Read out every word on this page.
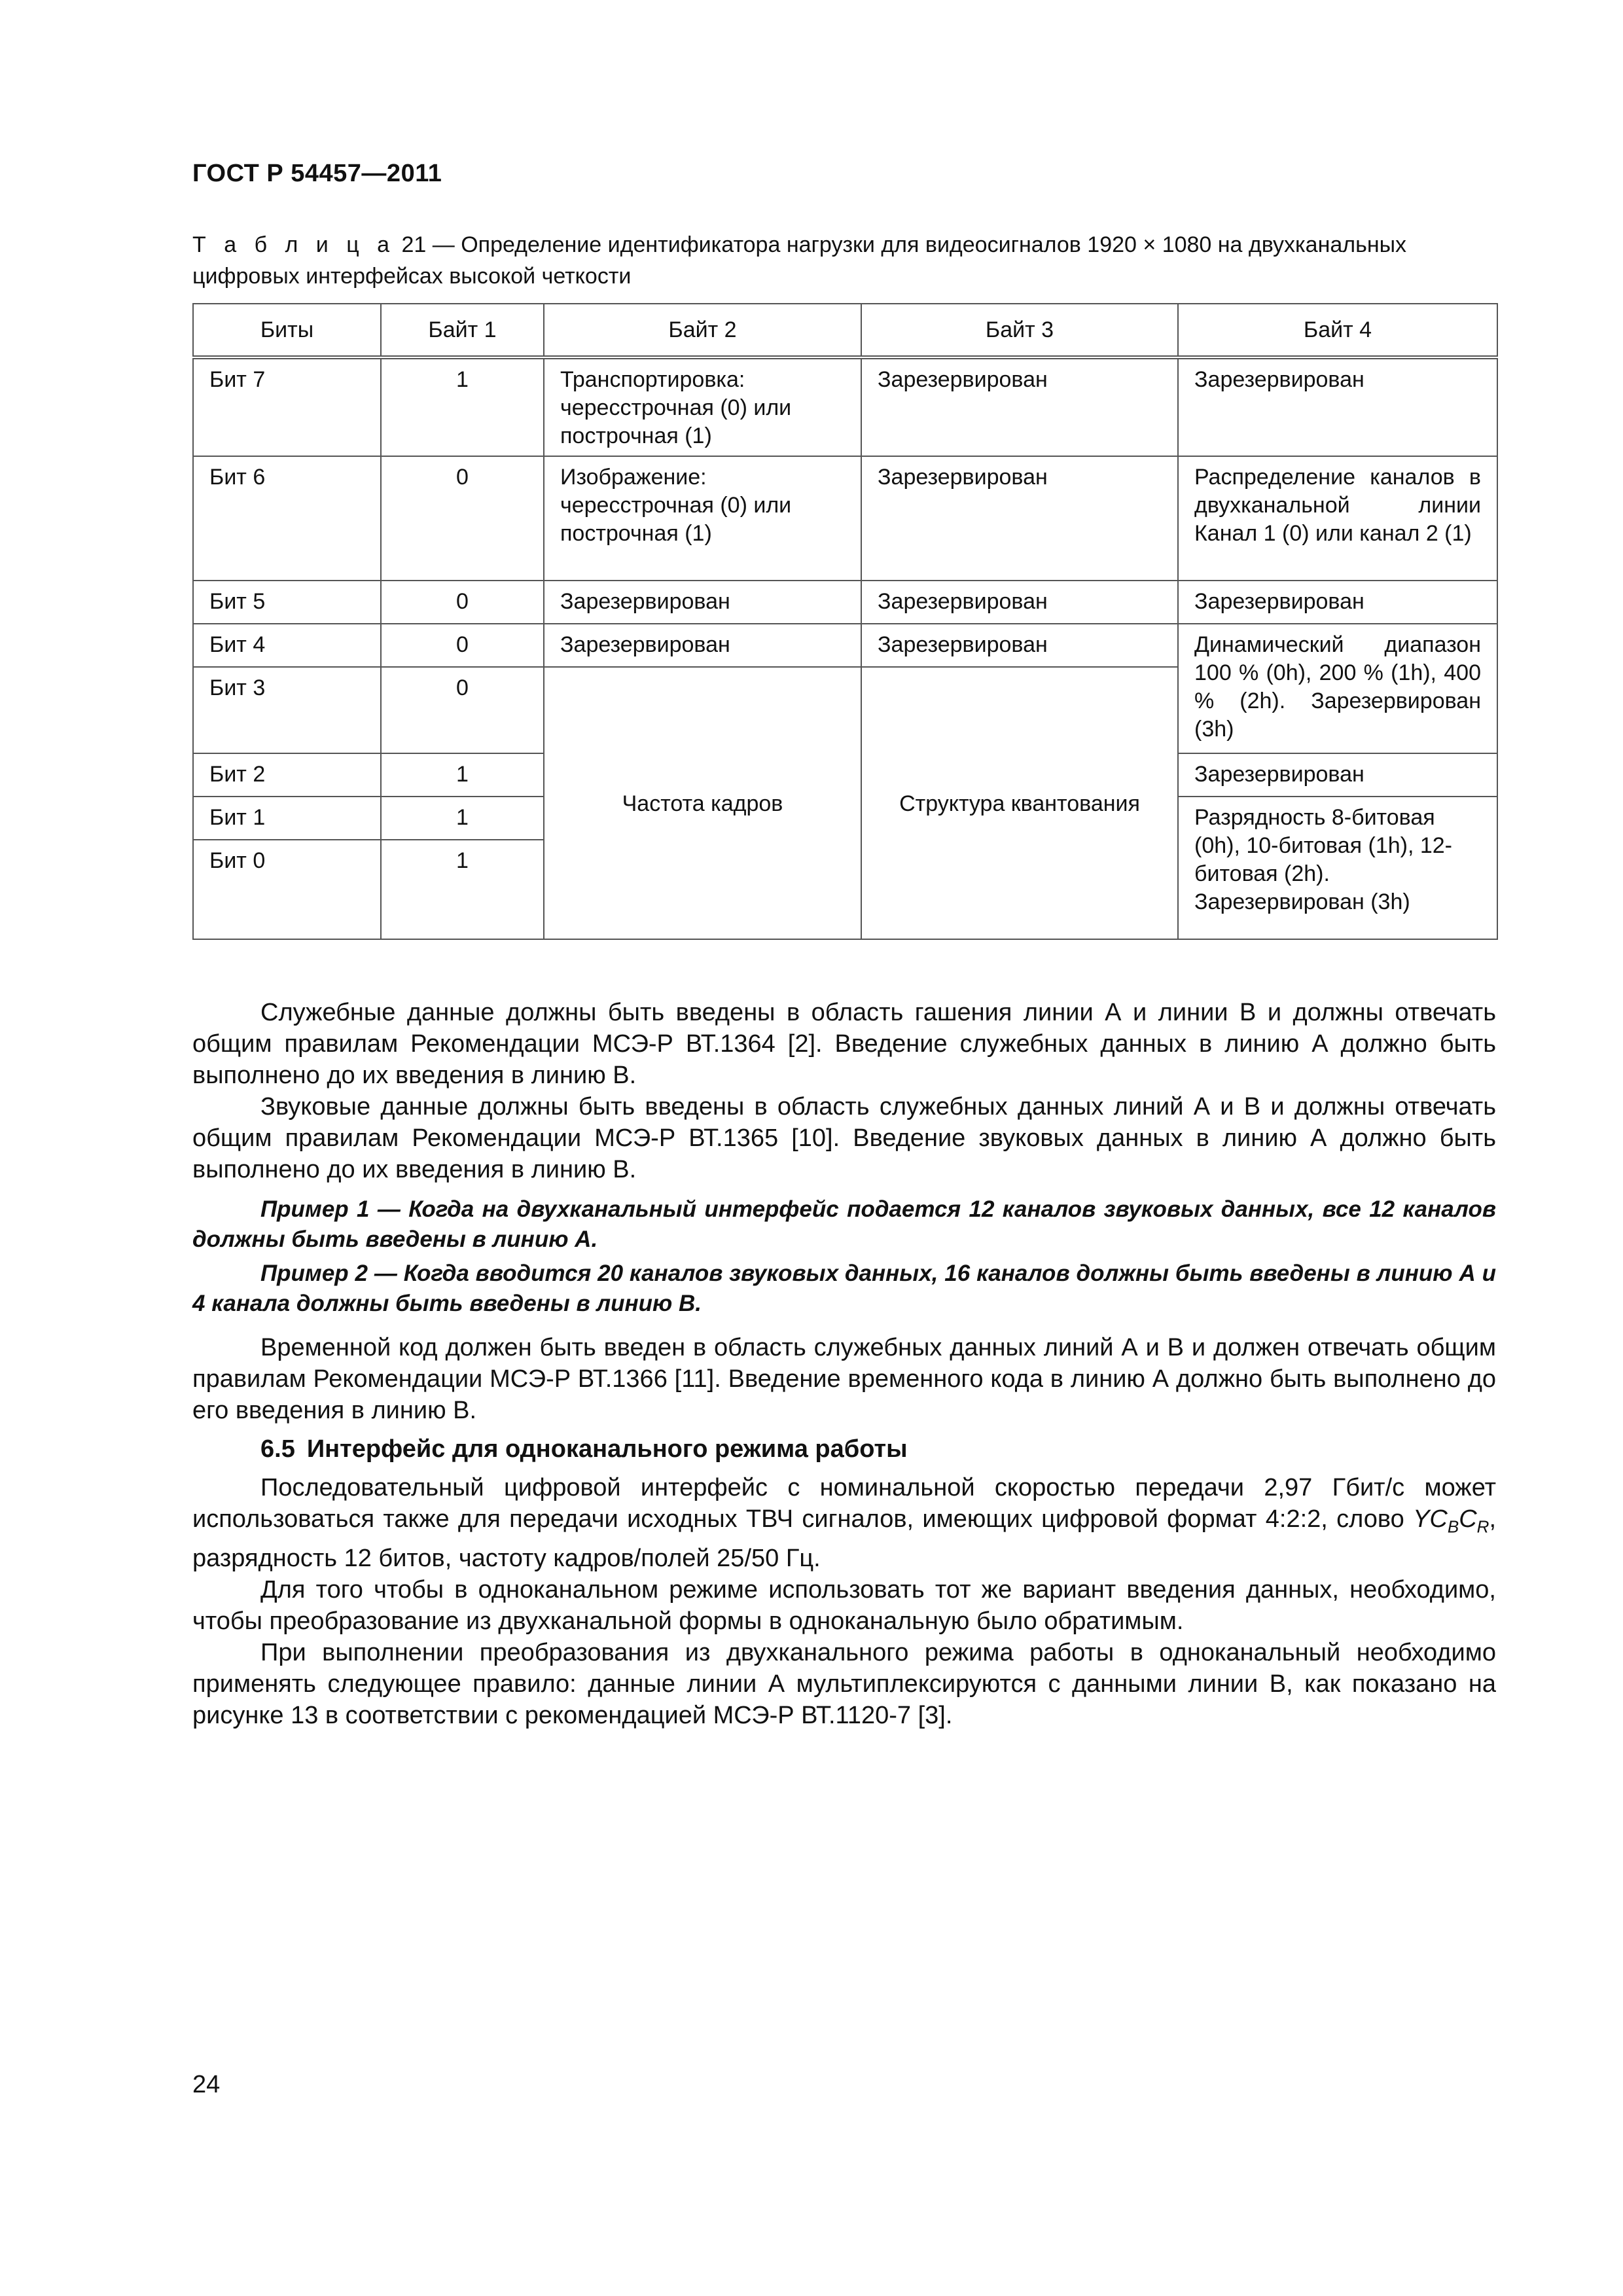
ГОСТ Р 54457—2011
Т а б л и ц а 21 — Определение идентификатора нагрузки для видеосигналов 1920 × 1080 на двухканальных цифровых интерфейсах высокой четкости
Биты	Байт 1	Байт 2	Байт 3	Байт 4
Бит 7	1	Транспортировка: чересстрочная (0) или построчная (1)	Зарезервирован	Зарезервирован
Бит 6	0	Изображение: чересстрочная (0) или построчная (1)	Зарезервирован	Распределение каналов в двухканальной линии Канал 1 (0) или канал 2 (1)
Бит 5	0	Зарезервирован	Зарезервирован	Зарезервирован
Бит 4	0	Зарезервирован	Зарезервирован	Динамический диапазон 100 % (0h), 200 % (1h), 400 % (2h). Зарезервирован (3h)
Бит 3	0	Частота кадров	Структура квантования	
Бит 2	1			Зарезервирован
Бит 1	1			Разрядность 8-битовая (0h), 10-битовая (1h), 12-битовая (2h). Зарезервирован (3h)
Бит 0	1			

Служебные данные должны быть введены в область гашения линии А и линии В и должны отвечать общим правилам Рекомендации МСЭ-Р ВТ.1364 [2]. Введение служебных данных в линию А должно быть выполнено до их введения в линию В.

Звуковые данные должны быть введены в область служебных данных линий А и В и должны отвечать общим правилам Рекомендации МСЭ-Р ВТ.1365 [10]. Введение звуковых данных в линию А должно быть выполнено до их введения в линию В.

Пример 1 — Когда на двухканальный интерфейс подается 12 каналов звуковых данных, все 12 каналов должны быть введены в линию А.

Пример 2 — Когда вводится 20 каналов звуковых данных, 16 каналов должны быть введены в линию А и 4 канала должны быть введены в линию В.

Временной код должен быть введен в область служебных данных линий А и В и должен отвечать общим правилам Рекомендации МСЭ-Р ВТ.1366 [11]. Введение временного кода в линию А должно быть выполнено до его введения в линию В.

6.5 Интерфейс для одноканального режима работы

Последовательный цифровой интерфейс с номинальной скоростью передачи 2,97 Гбит/с может использоваться также для передачи исходных ТВЧ сигналов, имеющих цифровой формат 4:2:2, слово $YC_BC_R$, разрядность 12 битов, частоту кадров/полей 25/50 Гц.

Для того чтобы в одноканальном режиме использовать тот же вариант введения данных, необходимо, чтобы преобразование из двухканальной формы в одноканальную было обратимым.

При выполнении преобразования из двухканального режима работы в одноканальный необходимо применять следующее правило: данные линии А мультиплексируются с данными линии В, как показано на рисунке 13 в соответствии с рекомендацией МСЭ-Р ВТ.1120-7 [3].

24
